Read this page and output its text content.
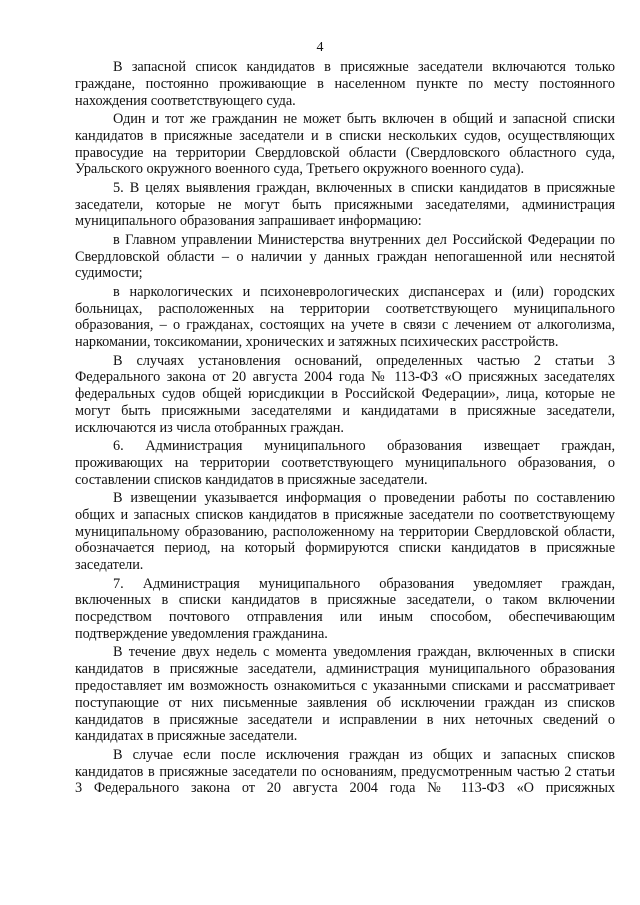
4

В запасной список кандидатов в присяжные заседатели включаются только граждане, постоянно проживающие в населенном пункте по месту постоянного нахождения соответствующего суда.

Один и тот же гражданин не может быть включен в общий и запасной списки кандидатов в присяжные заседатели и в списки нескольких судов, осуществляющих правосудие на территории Свердловской области (Свердловского областного суда, Уральского окружного военного суда, Третьего окружного военного суда).

5. В целях выявления граждан, включенных в списки кандидатов в присяжные заседатели, которые не могут быть присяжными заседателями, администрация муниципального образования запрашивает информацию:

в Главном управлении Министерства внутренних дел Российской Федерации по Свердловской области – о наличии у данных граждан непогашенной или неснятой судимости;

в наркологических и психоневрологических диспансерах и (или) городских больницах, расположенных на территории соответствующего муниципального образования, – о гражданах, состоящих на учете в связи с лечением от алкоголизма, наркомании, токсикомании, хронических и затяжных психических расстройств.

В случаях установления оснований, определенных частью 2 статьи 3 Федерального закона от 20 августа 2004 года № 113-ФЗ «О присяжных заседателях федеральных судов общей юрисдикции в Российской Федерации», лица, которые не могут быть присяжными заседателями и кандидатами в присяжные заседатели, исключаются из числа отобранных граждан.

6. Администрация муниципального образования извещает граждан, проживающих на территории соответствующего муниципального образования, о составлении списков кандидатов в присяжные заседатели.

В извещении указывается информация о проведении работы по составлению общих и запасных списков кандидатов в присяжные заседатели по соответствующему муниципальному образованию, расположенному на территории Свердловской области, обозначается период, на который формируются списки кандидатов в присяжные заседатели.

7. Администрация муниципального образования уведомляет граждан, включенных в списки кандидатов в присяжные заседатели, о таком включении посредством почтового отправления или иным способом, обеспечивающим подтверждение уведомления гражданина.

В течение двух недель с момента уведомления граждан, включенных в списки кандидатов в присяжные заседатели, администрация муниципального образования предоставляет им возможность ознакомиться с указанными списками и рассматривает поступающие от них письменные заявления об исключении граждан из списков кандидатов в присяжные заседатели и исправлении в них неточных сведений о кандидатах в присяжные заседатели.

В случае если после исключения граждан из общих и запасных списков кандидатов в присяжные заседатели по основаниям, предусмотренным частью 2 статьи 3 Федерального закона от 20 августа 2004 года № 113-ФЗ «О присяжных
